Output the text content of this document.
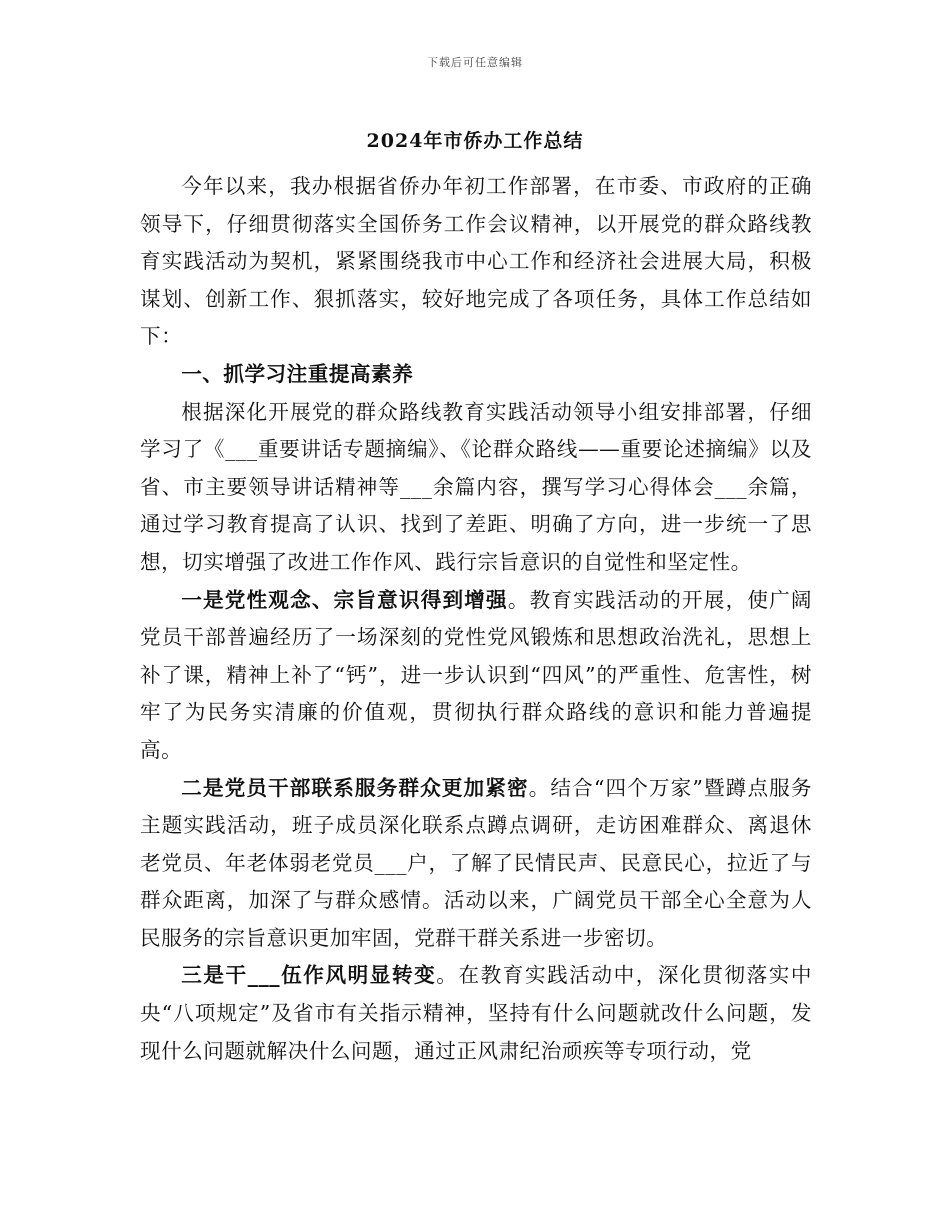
下载后可任意编辑
2024年市侨办工作总结

今年以来，我办根据省侨办年初工作部署，在市委、市政府的正确领导下，仔细贯彻落实全国侨务工作会议精神，以开展党的群众路线教育实践活动为契机，紧紧围绕我市中心工作和经济社会进展大局，积极谋划、创新工作、狠抓落实，较好地完成了各项任务，具体工作总结如下：

一、抓学习注重提高素养

根据深化开展党的群众路线教育实践活动领导小组安排部署，仔细学习了《___重要讲话专题摘编》、《论群众路线——重要论述摘编》以及省、市主要领导讲话精神等___余篇内容，撰写学习心得体会___余篇，通过学习教育提高了认识、找到了差距、明确了方向，进一步统一了思想，切实增强了改进工作作风、践行宗旨意识的自觉性和坚定性。

一是党性观念、宗旨意识得到增强。教育实践活动的开展，使广阔党员干部普遍经历了一场深刻的党性党风锻炼和思想政治洗礼，思想上补了课，精神上补了“钙”，进一步认识到“四风”的严重性、危害性，树牢了为民务实清廉的价值观，贯彻执行群众路线的意识和能力普遍提高。

二是党员干部联系服务群众更加紧密。结合“四个万家”暨蹲点服务主题实践活动，班子成员深化联系点蹲点调研，走访困难群众、离退休老党员、年老体弱老党员___户，了解了民情民声、民意民心，拉近了与群众距离，加深了与群众感情。活动以来，广阔党员干部全心全意为人民服务的宗旨意识更加牢固，党群干群关系进一步密切。

三是干___伍作风明显转变。在教育实践活动中，深化贯彻落实中央“八项规定”及省市有关指示精神，坚持有什么问题就改什么问题，发现什么问题就解决什么问题，通过正风肃纪治顽疾等专项行动，党
